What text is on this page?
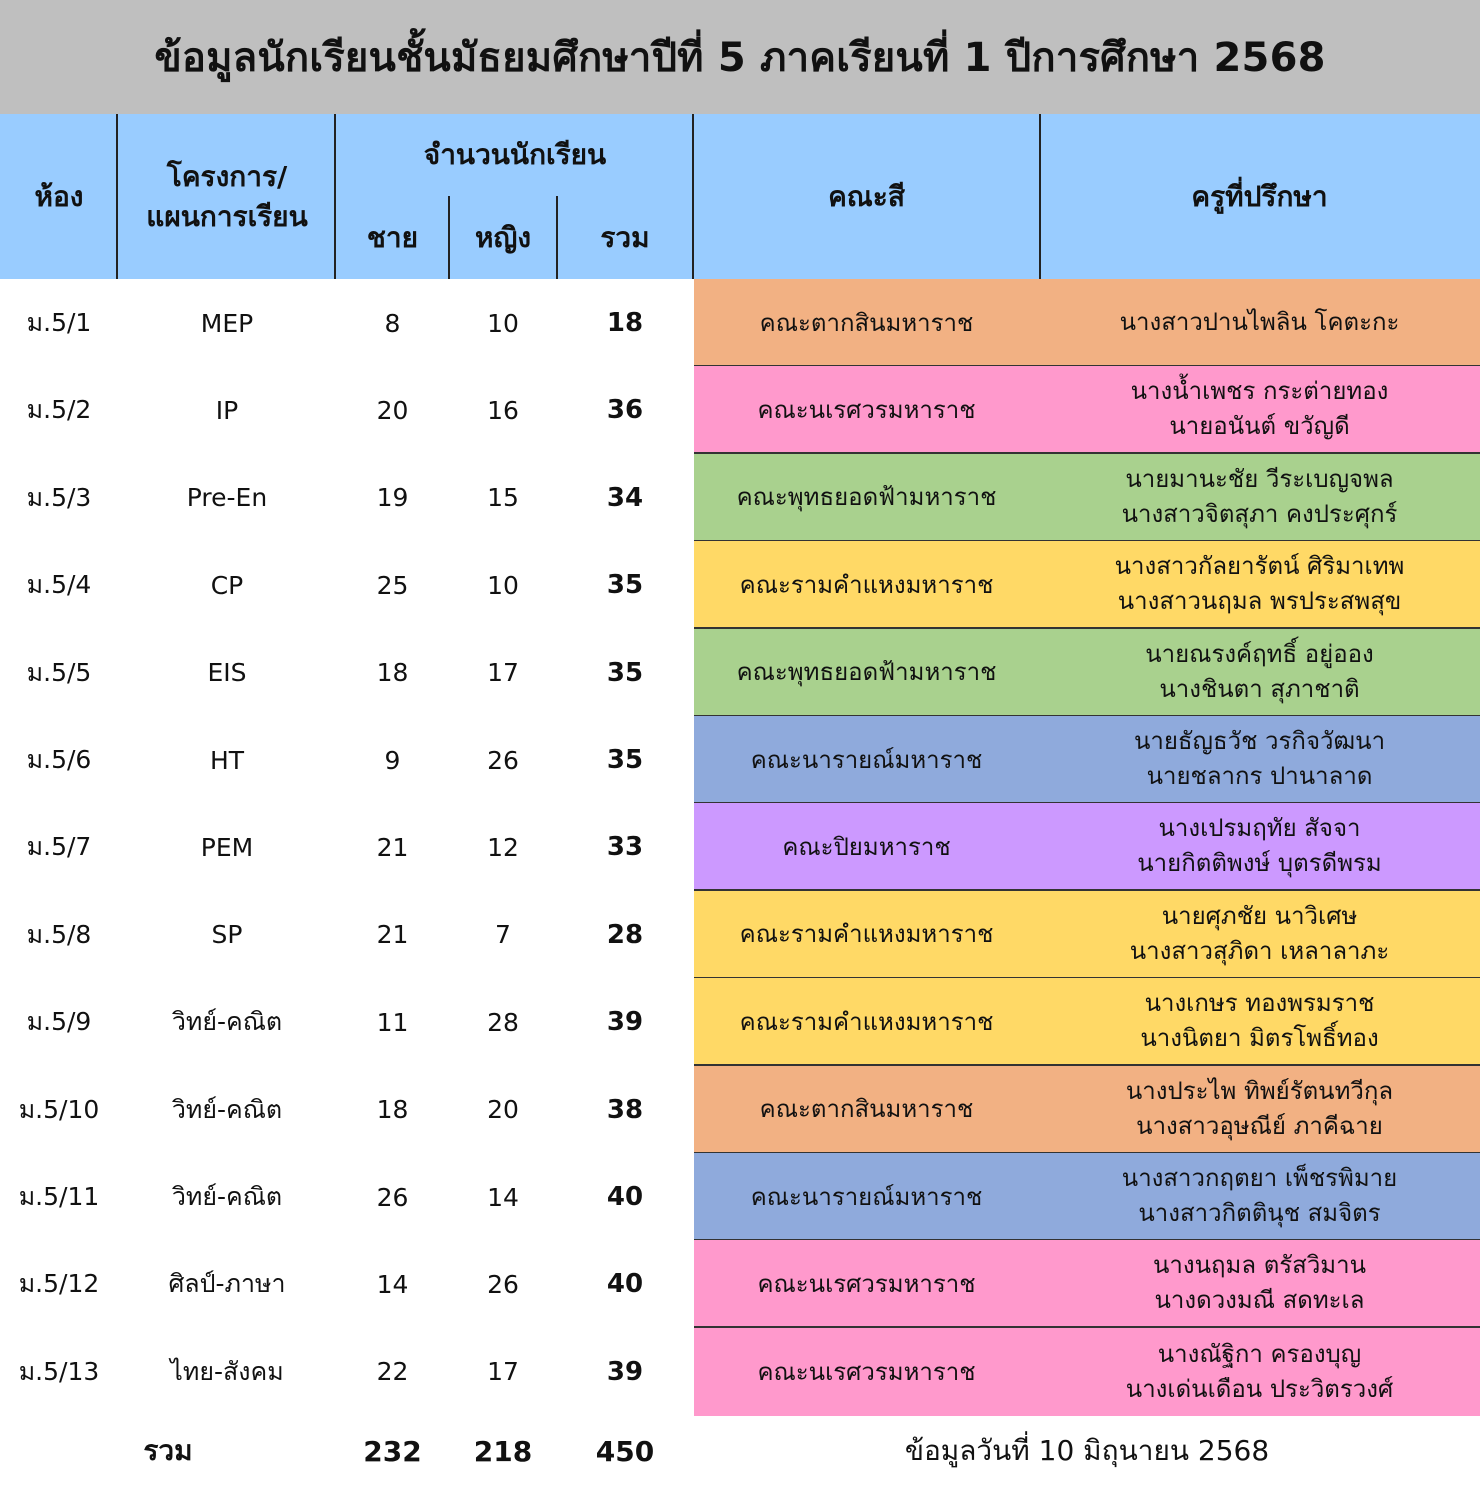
ข้อมูลนักเรียนชั้นมัธยมศึกษาปีที่ 5 ภาคเรียนที่ 1 ปีการศึกษา 2568
ห้อง
โครงการ/
แผนการเรียน
จำนวนนักเรียน
ชาย	หญิง	รวม
คณะสี	ครูที่ปรึกษา
ม.5/1	MEP	8	10	18	คณะตากสินมหาราช	นางสาวปานไพลิน โคตะกะ
ม.5/2	IP	20	16	36	คณะนเรศวรมหาราช
นางน้ำเพชร กระต่ายทอง
นายอนันต์ ขวัญดี
ม.5/3	Pre-En	19	15	34	คณะพุทธยอดฟ้ามหาราช
นายมานะชัย วีระเบญจพล
นางสาวจิตสุภา คงประศุกร์
ม.5/4	CP	25	10	35	คณะรามคำแหงมหาราช
นางสาวกัลยารัตน์ ศิริมาเทพ
นางสาวนฤมล พรประสพสุข
ม.5/5	EIS	18	17	35	คณะพุทธยอดฟ้ามหาราช
นายณรงค์ฤทธิ์ อยู่ออง
นางชินตา สุภาชาติ
ม.5/6	HT	9	26	35	คณะนารายณ์มหาราช
นายธัญธวัช วรกิจวัฒนา
นายชลากร ปานาลาด
ม.5/7	PEM	21	12	33	คณะปิยมหาราช
นางเปรมฤทัย สัจจา
นายกิตติพงษ์ บุตรดีพรม
ม.5/8	SP	21	7	28	คณะรามคำแหงมหาราช
นายศุภชัย นาวิเศษ
นางสาวสุภิดา เหลาลาภะ
ม.5/9	วิทย์-คณิต	11	28	39	คณะรามคำแหงมหาราช
นางเกษร ทองพรมราช
นางนิตยา มิตรโพธิ์ทอง
ม.5/10	วิทย์-คณิต	18	20	38	คณะตากสินมหาราช
นางประไพ ทิพย์รัตนทวีกุล
นางสาวอุษณีย์ ภาคีฉาย
ม.5/11	วิทย์-คณิต	26	14	40	คณะนารายณ์มหาราช
นางสาวกฤตยา เพ็ชรพิมาย
นางสาวกิตตินุช สมจิตร
ม.5/12	ศิลป์-ภาษา	14	26	40	คณะนเรศวรมหาราช
นางนฤมล ตรัสวิมาน
นางดวงมณี สดทะเล
ม.5/13	ไทย-สังคม	22	17	39	คณะนเรศวรมหาราช
นางณัฐิกา ครองบุญ
นางเด่นเดือน ประวิตรวงศ์
รวม	232	218	450	ข้อมูลวันที่ 10 มิถุนายน 2568
